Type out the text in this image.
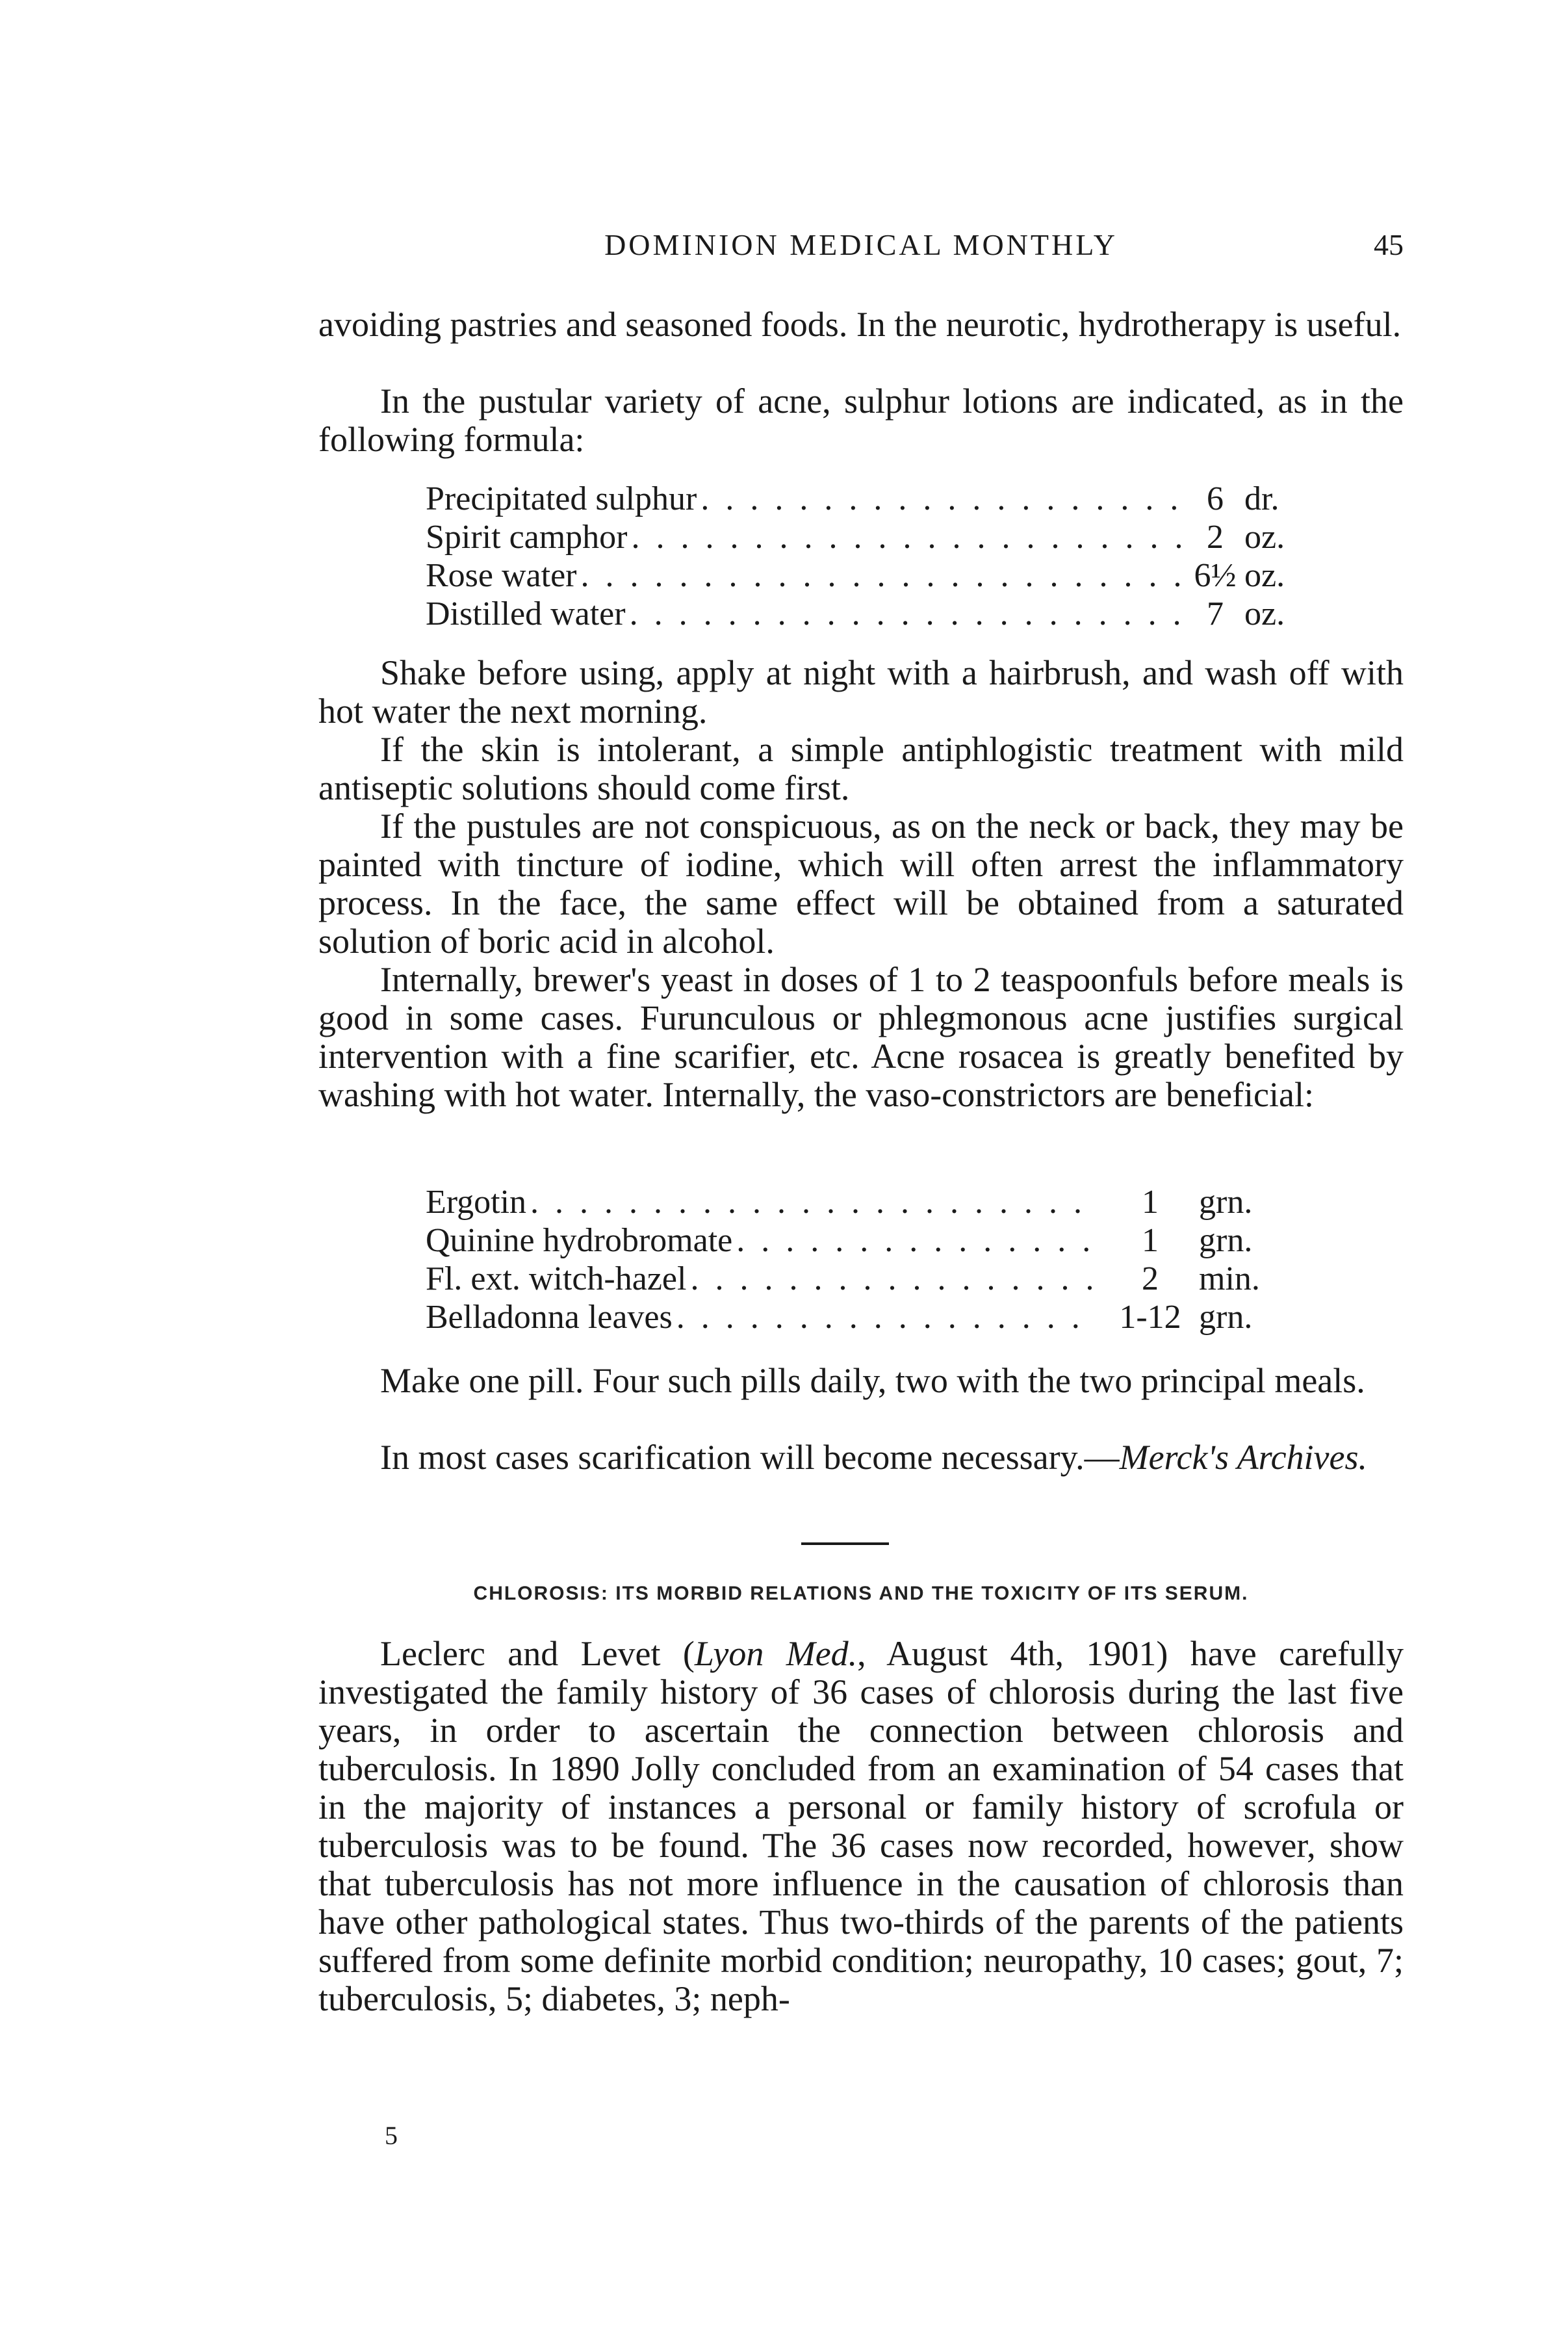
DOMINION MEDICAL MONTHLY	45

avoiding pastries and seasoned foods. In the neurotic, hydrotherapy is useful.

In the pustular variety of acne, sulphur lotions are indicated, as in the following formula:

Precipitated sulphur . . .	6 dr.
Spirit camphor . . .	2 oz.
Rose water . . .	6½ oz.
Distilled water . . .	7 oz.

Shake before using, apply at night with a hairbrush, and wash off with hot water the next morning.

If the skin is intolerant, a simple antiphlogistic treatment with mild antiseptic solutions should come first.

If the pustules are not conspicuous, as on the neck or back, they may be painted with tincture of iodine, which will often arrest the inflammatory process. In the face, the same effect will be obtained from a saturated solution of boric acid in alcohol.

Internally, brewer's yeast in doses of 1 to 2 teaspoonfuls before meals is good in some cases. Furunculous or phlegmonous acne justifies surgical intervention with a fine scarifier, etc. Acne rosacea is greatly benefited by washing with hot water. Internally, the vaso-constrictors are beneficial:

Ergotin . . .	1	grn.
Quinine hydrobromate . . .	1	grn.
Fl. ext. witch-hazel . . .	2	min.
Belladonna leaves . . .	1-12 grn.

Make one pill. Four such pills daily, two with the two principal meals.

In most cases scarification will become necessary.—Merck's Archives.

CHLOROSIS: ITS MORBID RELATIONS AND THE TOXICITY OF ITS SERUM.

Leclerc and Levet (Lyon Med., August 4th, 1901) have carefully investigated the family history of 36 cases of chlorosis during the last five years, in order to ascertain the connection between chlorosis and tuberculosis. In 1890 Jolly concluded from an examination of 54 cases that in the majority of instances a personal or family history of scrofula or tuberculosis was to be found. The 36 cases now recorded, however, show that tuberculosis has not more influence in the causation of chlorosis than have other pathological states. Thus two-thirds of the parents of the patients suffered from some definite morbid condition; neuropathy, 10 cases; gout, 7; tuberculosis, 5; diabetes, 3; neph-

5
